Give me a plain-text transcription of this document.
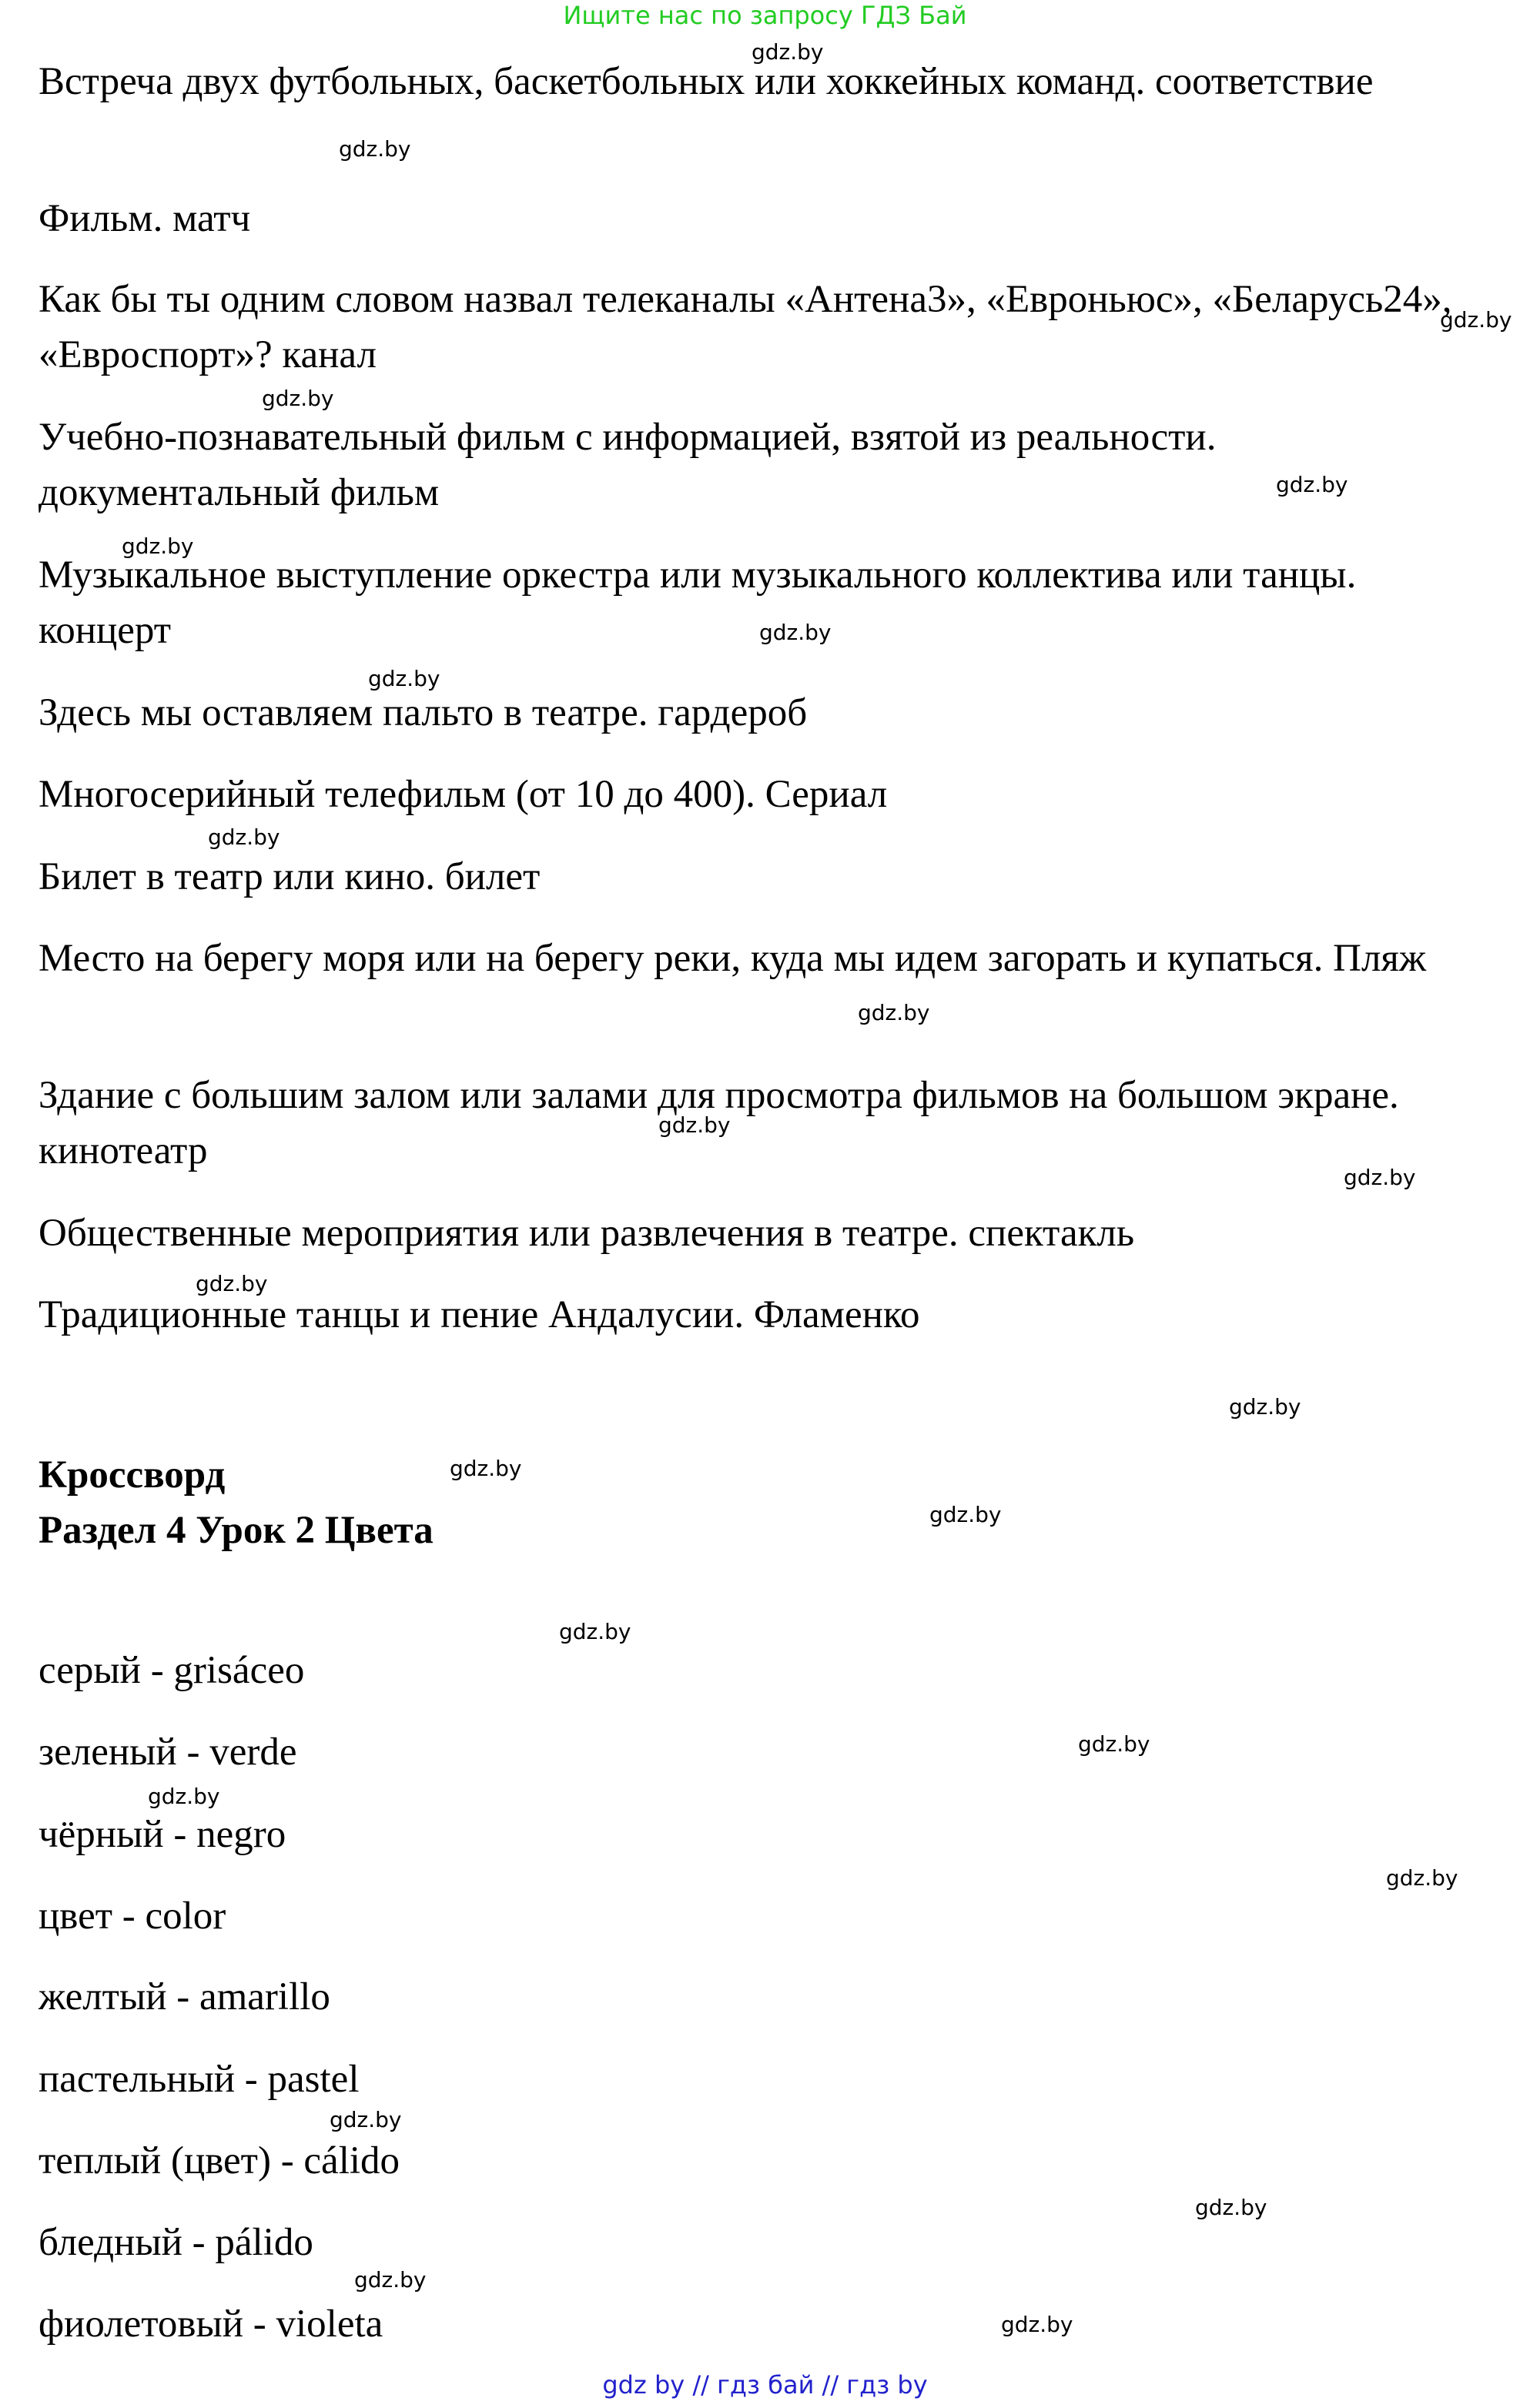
Ищите нас по запросу ГДЗ Бай

Встреча двух футбольных, баскетбольных или хоккейных команд. соответствие

Фильм. матч

Как бы ты одним словом назвал телеканалы «Антена3», «Евроньюс», «Беларусь24», «Евроспорт»? канал

Учебно-познавательный фильм с информацией, взятой из реальности. документальный фильм

Музыкальное выступление оркестра или музыкального коллектива или танцы. концерт

Здесь мы оставляем пальто в театре. гардероб

Многосерийный телефильм (от 10 до 400). Сериал

Билет в театр или кино. билет

Место на берегу моря или на берегу реки, куда мы идем загорать и купаться. Пляж

Здание с большим залом или залами для просмотра фильмов на большом экране. кинотеатр

Общественные мероприятия или развлечения в театре. спектакль

Традиционные танцы и пение Андалусии. Фламенко

Кроссворд
Раздел 4 Урок 2 Цвета

серый - grisáceo

зеленый - verde

чёрный - negro

цвет - color

желтый - amarillo

пастельный - pastel

теплый (цвет) - cálido

бледный - pálido

фиолетовый - violeta

gdz.by
gdz.by
gdz.by
gdz.by
gdz.by
gdz.by
gdz.by
gdz.by
gdz.by
gdz.by
gdz.by
gdz.by
gdz.by
gdz.by
gdz.by
gdz.by
gdz.by
gdz.by
gdz.by
gdz.by
gdz.by
gdz.by
gdz.by
gdz.by
gdz by // гдз бай // гдз by
